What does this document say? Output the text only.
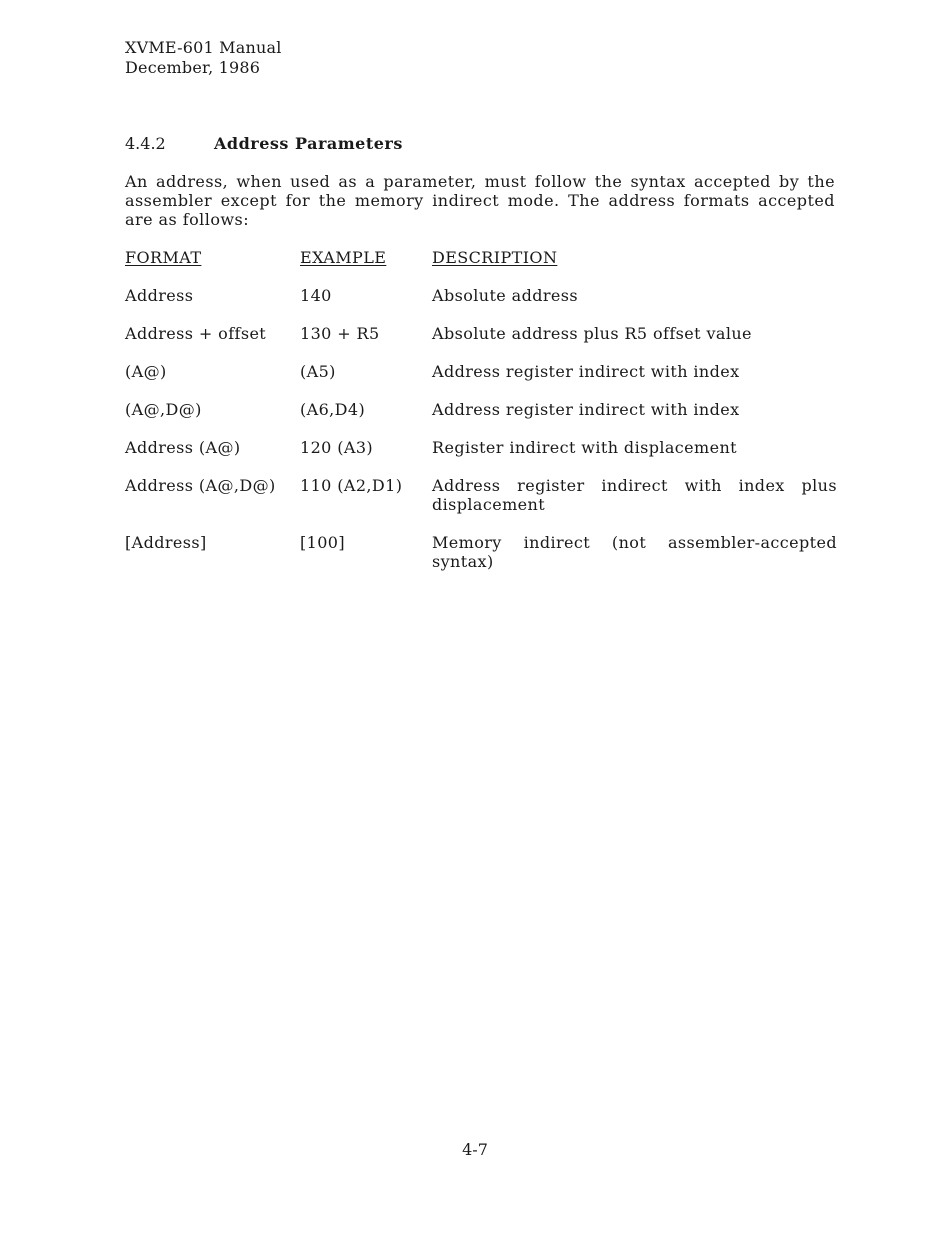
XVME-601 Manual
December, 1986
4.4.2	Address Parameters

An address, when used as a parameter, must follow the syntax accepted by the assembler except for the memory indirect mode. The address formats accepted are as follows:

FORMAT	EXAMPLE	DESCRIPTION
Address	140	Absolute address
Address + offset	130 + R5	Absolute address plus R5 offset value
(A@)	(A5)	Address register indirect with index
(A@,D@)	(A6,D4)	Address register indirect with index
Address (A@)	120 (A3)	Register indirect with displacement
Address (A@,D@)	110 (A2,D1)	Address register indirect with index plus displacement
[Address]	[100]	Memory indirect (not assembler-accepted syntax)
4-7
